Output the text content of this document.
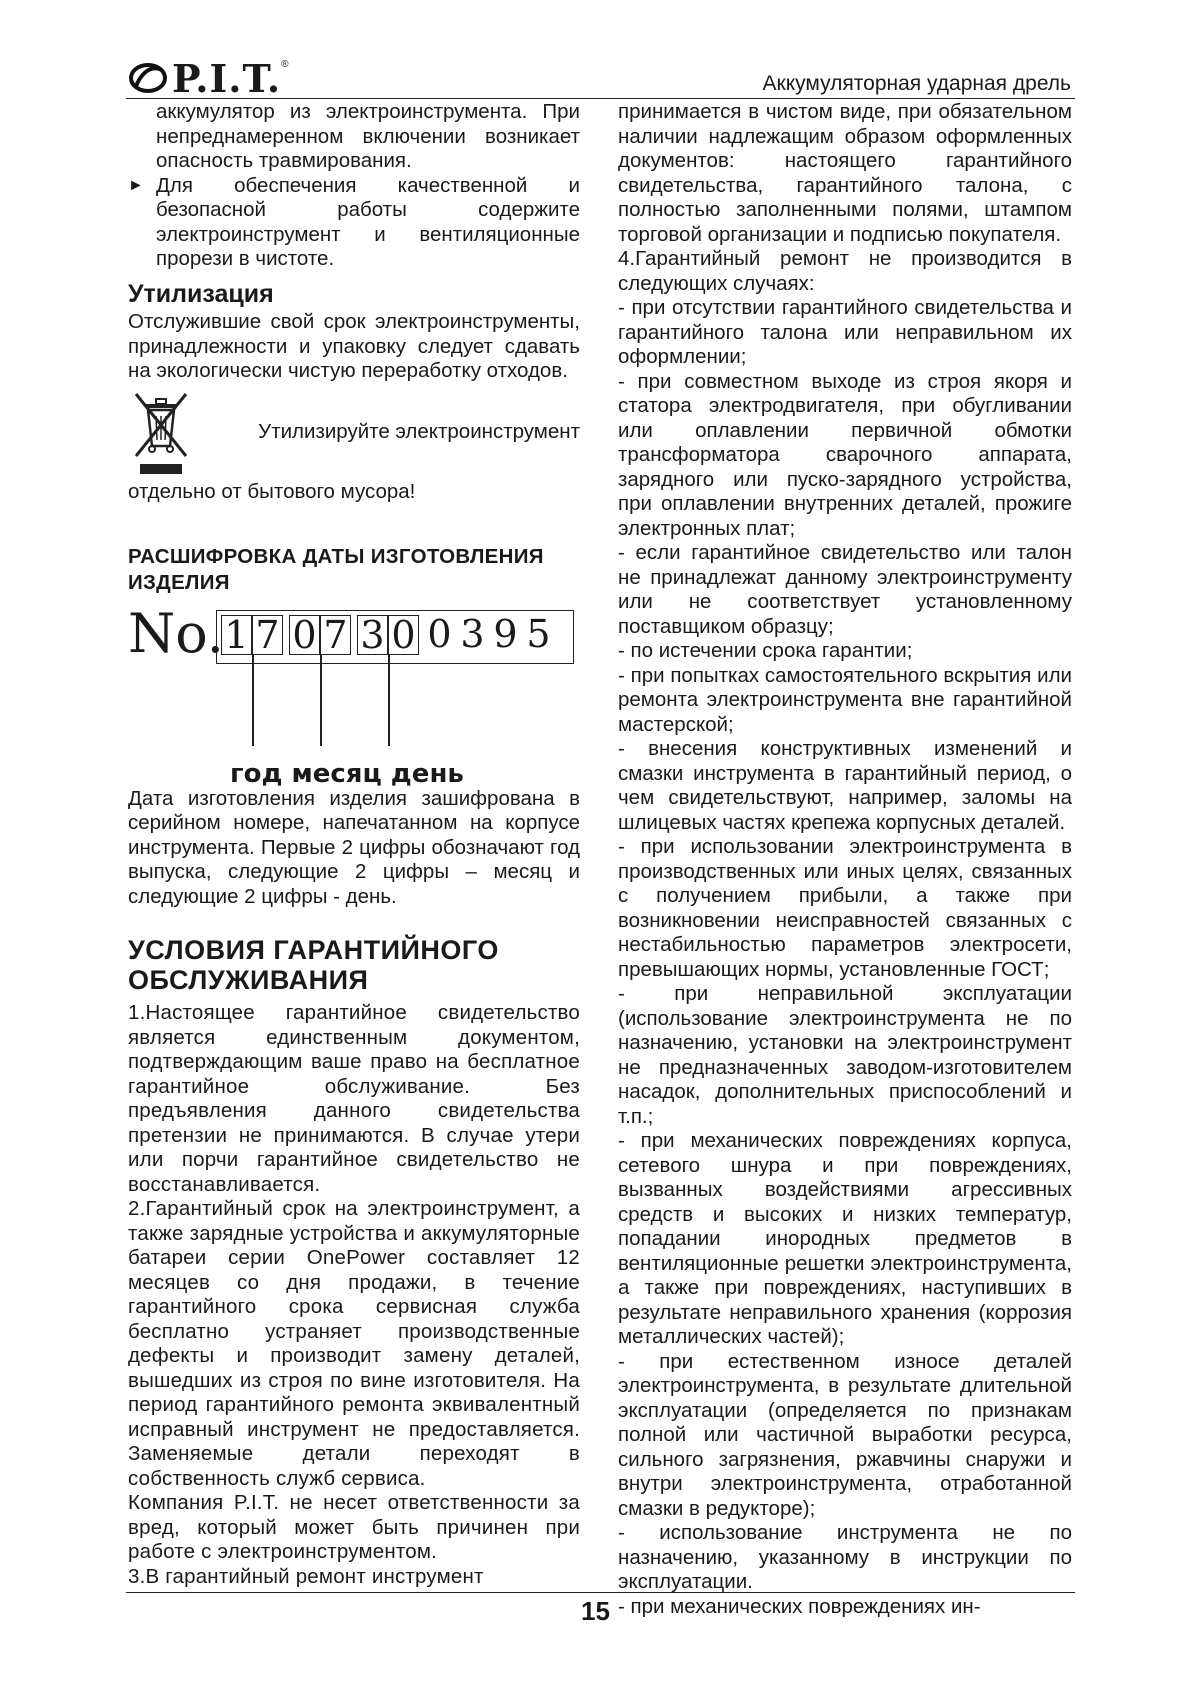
P.I.T. ®
Аккумуляторная ударная дрель

аккумулятор из электроинструмента. При непреднамеренном включении возникает опасность травмирования.

► Для обеспечения качественной и безопасной работы содержите электроинструмент и вентиляционные прорези в чистоте.
Утилизация

Отслужившие свой срок электроинструменты, принадлежности и упаковку следует сдавать на экологически чистую переработку отходов.

Утилизируйте электроинструмент

отдельно от бытового мусора!

РАСШИФРОВКА ДАТЫ ИЗГОТОВЛЕНИЯ ИЗДЕЛИЯ
No. 1 7 0 7 3 0 0 3 9 5
год месяц день

Дата изготовления изделия зашифрована в серийном номере, напечатанном на корпусе инструмента. Первые 2 цифры обозначают год выпуска, следующие 2 цифры – месяц и следующие 2 цифры - день.

УСЛОВИЯ ГАРАНТИЙНОГО ОБСЛУЖИВАНИЯ

1.Настоящее гарантийное свидетельство является единственным документом, подтверждающим ваше право на бесплатное гарантийное обслуживание. Без предъявления данного свидетельства претензии не принимаются. В случае утери или порчи гарантийное свидетельство не восстанавливается.

2.Гарантийный срок на электроинструмент, а также зарядные устройства и аккумуляторные батареи серии OnePower составляет 12 месяцев со дня продажи, в течение гарантийного срока сервисная служба бесплатно устраняет производственные дефекты и производит замену деталей, вышедших из строя по вине изготовителя. На период гарантийного ремонта эквивалентный исправный инструмент не предоставляется. Заменяемые детали переходят в собственность служб сервиса.

Компания P.I.T. не несет ответственности за вред, который может быть причинен при работе с электроинструментом.

3.В гарантийный ремонт инструмент

принимается в чистом виде, при обязательном наличии надлежащим образом оформленных документов: настоящего гарантийного свидетельства, гарантийного талона, с полностью заполненными полями, штампом торговой организации и подписью покупателя.

4.Гарантийный ремонт не производится в следующих случаях:

- при отсутствии гарантийного свидетельства и гарантийного талона или неправильном их оформлении;

- при совместном выходе из строя якоря и статора электродвигателя, при обугливании или оплавлении первичной обмотки трансформатора сварочного аппарата, зарядного или пуско-зарядного устройства, при оплавлении внутренних деталей, прожиге электронных плат;

- если гарантийное свидетельство или талон не принадлежат данному электроинструменту или не соответствует установленному поставщиком образцу;

- по истечении срока гарантии;

- при попытках самостоятельного вскрытия или ремонта электроинструмента вне гарантийной мастерской;

- внесения конструктивных изменений и смазки инструмента в гарантийный период, о чем свидетельствуют, например, заломы на шлицевых частях крепежа корпусных деталей.

- при использовании электроинструмента в производственных или иных целях, связанных с получением прибыли, а также при возникновении неисправностей связанных с нестабильностью параметров электросети, превышающих нормы, установленные ГОСТ;

- при неправильной эксплуатации (использование электроинструмента не по назначению, установки на электроинструмент не предназначенных заводом-изготовителем насадок, дополнительных приспособлений и т.п.;

- при механических повреждениях корпуса, сетевого шнура и при повреждениях, вызванных воздействиями агрессивных средств и высоких и низких температур, попадании инородных предметов в вентиляционные решетки электроинструмента, а также при повреждениях, наступивших в результате неправильного хранения (коррозия металлических частей);

- при естественном износе деталей электроинструмента, в результате длительной эксплуатации (определяется по признакам полной или частичной выработки ресурса, сильного загрязнения, ржавчины снаружи и внутри электроинструмента, отработанной смазки в редукторе);

- использование инструмента не по назначению, указанному в инструкции по эксплуатации.

- при механических повреждениях ин-

15
